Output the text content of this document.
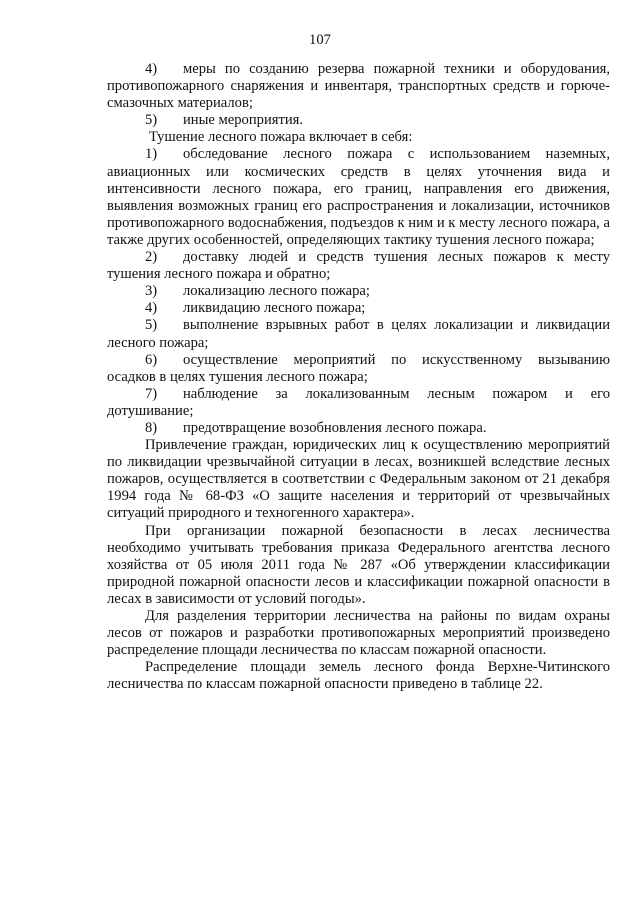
107

4) меры по созданию резерва пожарной техники и оборудования, противопожарного снаряжения и инвентаря, транспортных средств и горюче-смазочных материалов;

5) иные мероприятия.

Тушение лесного пожара включает в себя:

1) обследование лесного пожара с использованием наземных, авиационных или космических средств в целях уточнения вида и интенсивности лесного пожара, его границ, направления его движения, выявления возможных границ его распространения и локализации, источников противопожарного водоснабжения, подъездов к ним и к месту лесного пожара, а также других особенностей, определяющих тактику тушения лесного пожара;

2) доставку людей и средств тушения лесных пожаров к месту тушения лесного пожара и обратно;

3) локализацию лесного пожара;

4) ликвидацию лесного пожара;

5) выполнение взрывных работ в целях локализации и ликвидации лесного пожара;

6) осуществление мероприятий по искусственному вызыванию осадков в целях тушения лесного пожара;

7) наблюдение за локализованным лесным пожаром и его дотушивание;

8) предотвращение возобновления лесного пожара.

Привлечение граждан, юридических лиц к осуществлению мероприятий по ликвидации чрезвычайной ситуации в лесах, возникшей вследствие лесных пожаров, осуществляется в соответствии с Федеральным законом от 21 декабря 1994 года № 68-ФЗ «О защите населения и территорий от чрезвычайных ситуаций природного и техногенного характера».

При организации пожарной безопасности в лесах лесничества необходимо учитывать требования приказа Федерального агентства лесного хозяйства от 05 июля 2011 года № 287 «Об утверждении классификации природной пожарной опасности лесов и классификации пожарной опасности в лесах в зависимости от условий погоды».

Для разделения территории лесничества на районы по видам охраны лесов от пожаров и разработки противопожарных мероприятий произведено распределение площади лесничества по классам пожарной опасности.

Распределение площади земель лесного фонда Верхне-Читинского лесничества по классам пожарной опасности приведено в таблице 22.
